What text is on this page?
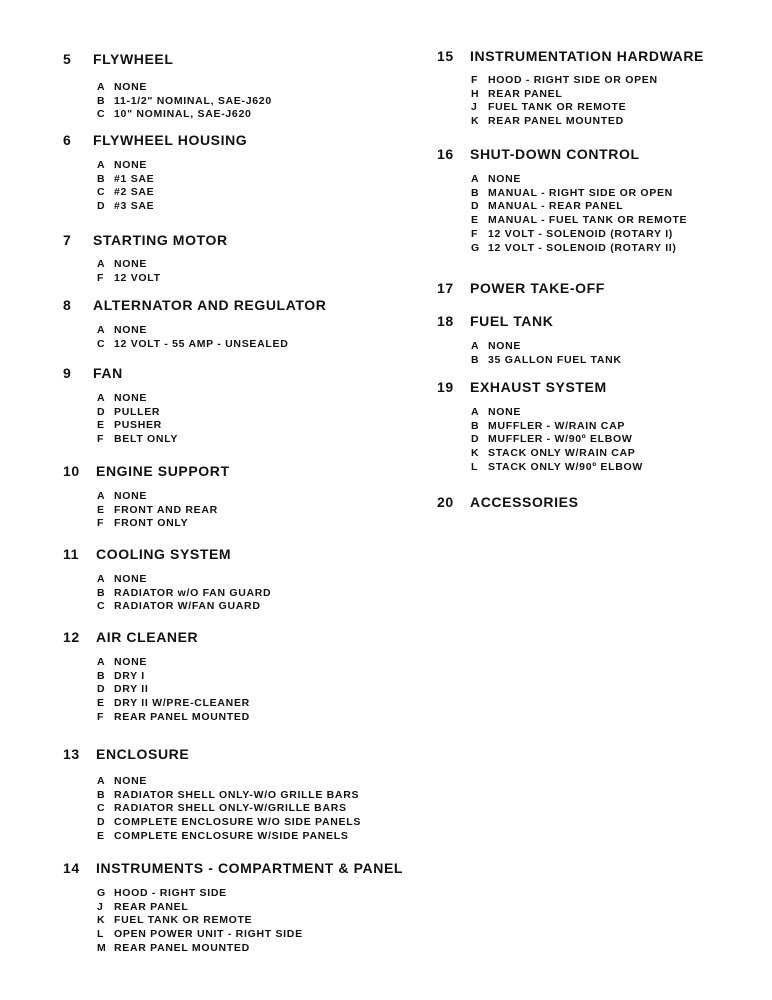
5 FLYWHEEL
A NONE
B 11-1/2" NOMINAL, SAE-J620
C 10" NOMINAL, SAE-J620
6 FLYWHEEL HOUSING
A NONE
B #1 SAE
C #2 SAE
D #3 SAE
7 STARTING MOTOR
A NONE
F 12 VOLT
8 ALTERNATOR AND REGULATOR
A NONE
C 12 VOLT - 55 AMP - UNSEALED
9 FAN
A NONE
D PULLER
E PUSHER
F BELT ONLY
10 ENGINE SUPPORT
A NONE
E FRONT AND REAR
F FRONT ONLY
11 COOLING SYSTEM
A NONE
B RADIATOR w/O FAN GUARD
C RADIATOR W/FAN GUARD
12 AIR CLEANER
A NONE
B DRY I
D DRY II
E DRY II W/PRE-CLEANER
F REAR PANEL MOUNTED
13 ENCLOSURE
A NONE
B RADIATOR SHELL ONLY-W/O GRILLE BARS
C RADIATOR SHELL ONLY-W/GRILLE BARS
D COMPLETE ENCLOSURE W/O SIDE PANELS
E COMPLETE ENCLOSURE W/SIDE PANELS
14 INSTRUMENTS - COMPARTMENT & PANEL
G HOOD - RIGHT SIDE
J REAR PANEL
K FUEL TANK OR REMOTE
L OPEN POWER UNIT - RIGHT SIDE
M REAR PANEL MOUNTED
15 INSTRUMENTATION HARDWARE
F HOOD - RIGHT SIDE OR OPEN
H REAR PANEL
J FUEL TANK OR REMOTE
K REAR PANEL MOUNTED
16 SHUT-DOWN CONTROL
A NONE
B MANUAL - RIGHT SIDE OR OPEN
D MANUAL - REAR PANEL
E MANUAL - FUEL TANK OR REMOTE
F 12 VOLT - SOLENOID (ROTARY I)
G 12 VOLT - SOLENOID (ROTARY II)
17 POWER TAKE-OFF
18 FUEL TANK
A NONE
B 35 GALLON FUEL TANK
19 EXHAUST SYSTEM
A NONE
B MUFFLER - W/RAIN CAP
D MUFFLER - W/90º ELBOW
K STACK ONLY W/RAIN CAP
L STACK ONLY W/90º ELBOW
20 ACCESSORIES
